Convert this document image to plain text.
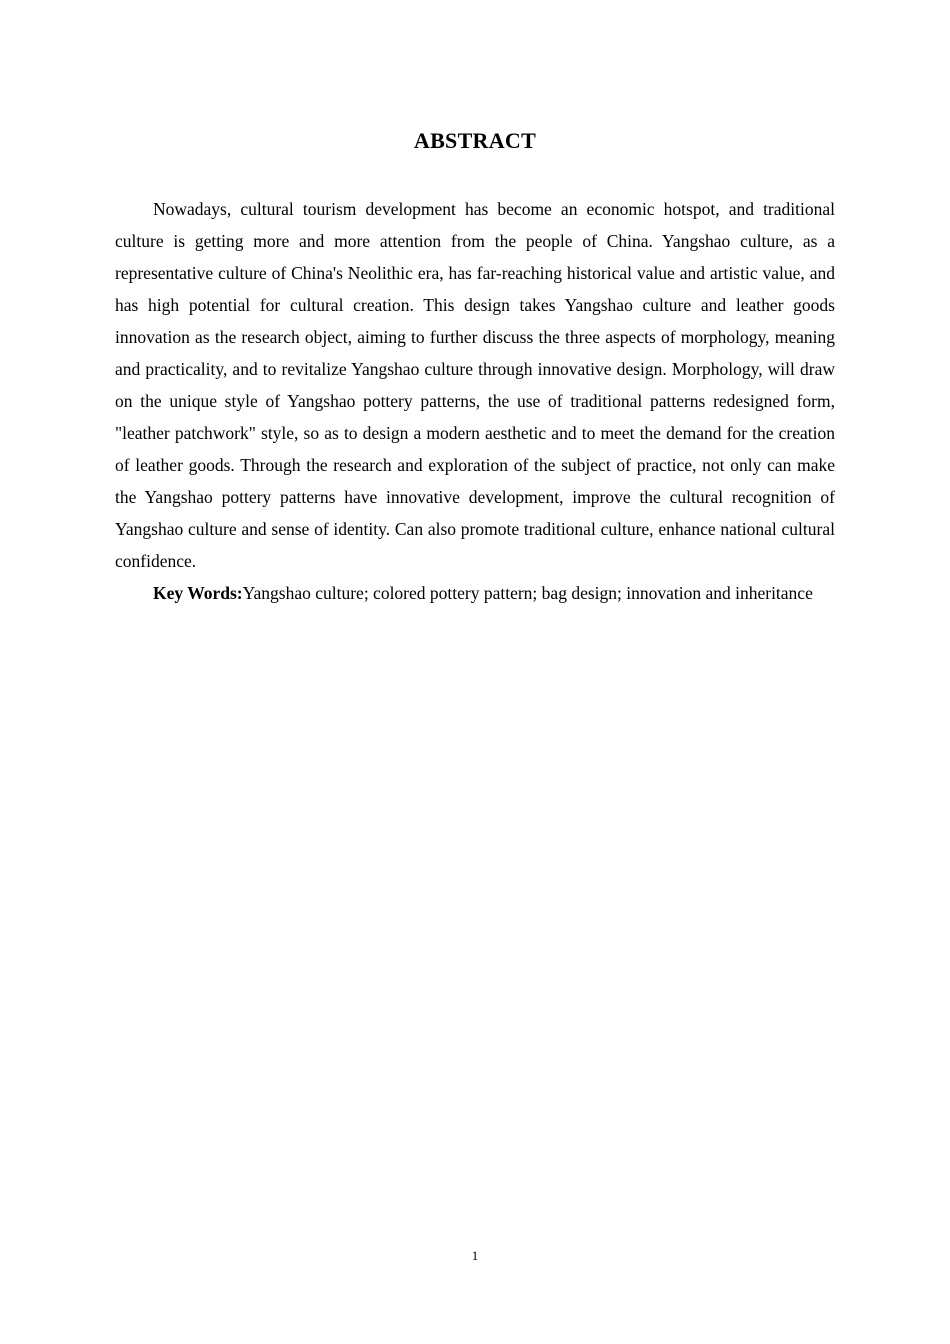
ABSTRACT

Nowadays, cultural tourism development has become an economic hotspot, and traditional culture is getting more and more attention from the people of China. Yangshao culture, as a representative culture of China's Neolithic era, has far-reaching historical value and artistic value, and has high potential for cultural creation. This design takes Yangshao culture and leather goods innovation as the research object, aiming to further discuss the three aspects of morphology, meaning and practicality, and to revitalize Yangshao culture through innovative design. Morphology, will draw on the unique style of Yangshao pottery patterns, the use of traditional patterns redesigned form, "leather patchwork" style, so as to design a modern aesthetic and to meet the demand for the creation of leather goods. Through the research and exploration of the subject of practice, not only can make the Yangshao pottery patterns have innovative development, improve the cultural recognition of Yangshao culture and sense of identity. Can also promote traditional culture, enhance national cultural confidence.

Key Words:Yangshao culture; colored pottery pattern; bag design; innovation and inheritance

1
